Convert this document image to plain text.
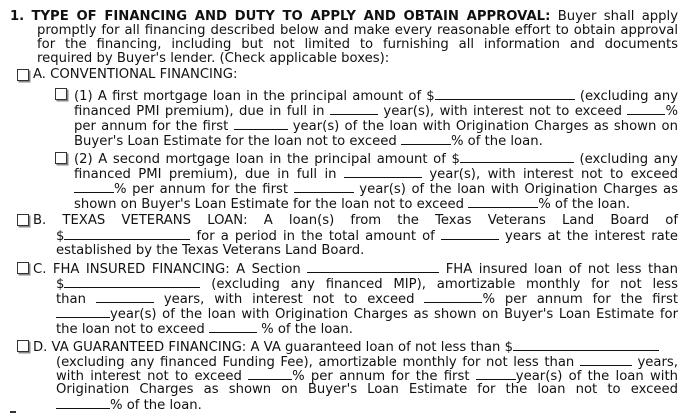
1. TYPE OF FINANCING AND DUTY TO APPLY AND OBTAIN APPROVAL: Buyer shall apply
promptly for all financing described below and make every reasonable effort to obtain approval
for the financing, including but not limited to furnishing all information and documents
required by Buyer's lender. (Check applicable boxes):
A. CONVENTIONAL FINANCING:
(1) A first mortgage loan in the principal amount of $	(excluding any
financed PMI premium), due in full in	year(s), with interest not to exceed	%
per annum for the first	year(s) of the loan with Origination Charges as shown on
Buyer's Loan Estimate for the loan not to exceed	% of the loan.
(2) A second mortgage loan in the principal amount of $	(excluding any
financed PMI premium), due in full in	year(s), with interest not to exceed
% per annum for the first	year(s) of the loan with Origination Charges as
shown on Buyer's Loan Estimate for the loan not to exceed	% of the loan.
B. TEXAS VETERANS LOAN: A loan(s) from the Texas Veterans Land Board of
$	for a period in the total amount of	years at the interest rate
established by the Texas Veterans Land Board.
C. FHA INSURED FINANCING: A Section	FHA insured loan of not less than
$	(excluding any financed MIP), amortizable monthly for not less
than	years, with interest not to exceed	% per annum for the first
year(s) of the loan with Origination Charges as shown on Buyer's Loan Estimate for
the loan not to exceed	% of the loan.
D. VA GUARANTEED FINANCING: A VA guaranteed loan of not less than $
(excluding any financed Funding Fee), amortizable monthly for not less than	years,
with interest not to exceed	% per annum for the first	year(s) of the loan with
Origination Charges as shown on Buyer's Loan Estimate for the loan not to exceed
% of the loan.
